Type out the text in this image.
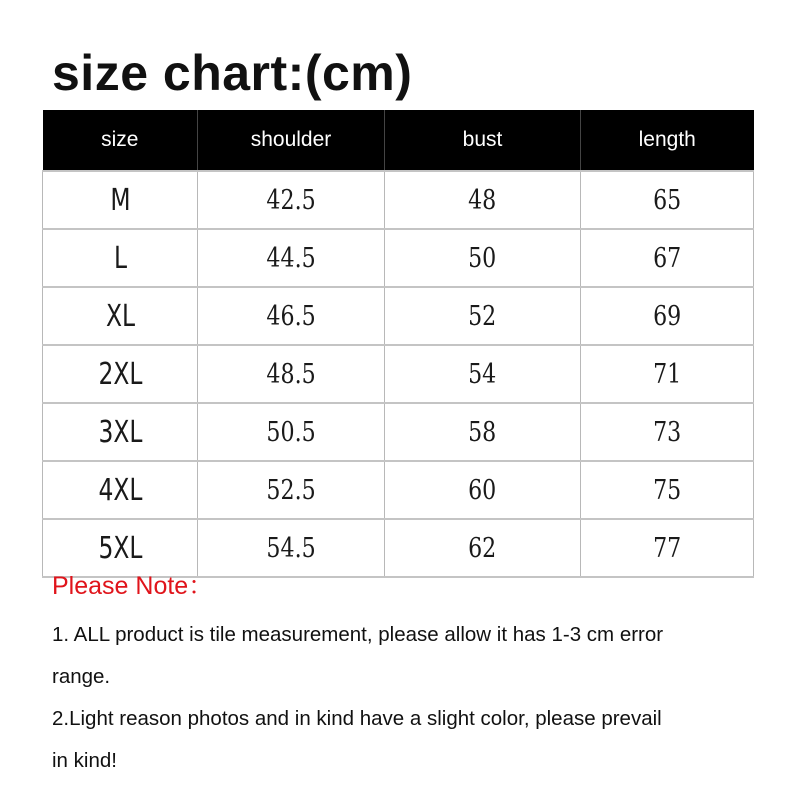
size chart:(cm)
size	shoulder	bust	length
M	42.5	48	65
L	44.5	50	67
XL	46.5	52	69
2XL	48.5	54	71
3XL	50.5	58	73
4XL	52.5	60	75
5XL	54.5	62	77
Please Note：
1. ALL product is tile measurement, please allow it has 1-3 cm error
range.
2.Light reason photos and in kind have a slight color, please prevail
in kind!
